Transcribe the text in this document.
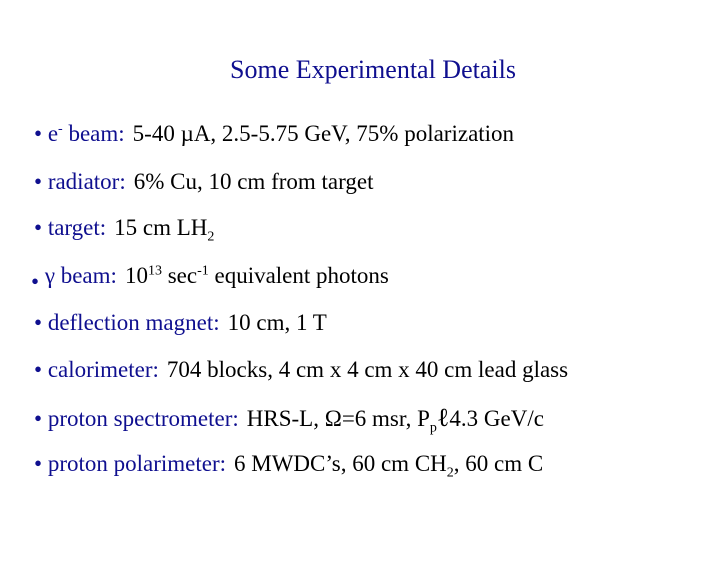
Some Experimental Details
• e- beam: 5-40 µA, 2.5-5.75 GeV, 75% polarization
• radiator: 6% Cu, 10 cm from target
• target: 15 cm $LH_2$
• γ beam: $10^{13}$ $\sec^{-1}$ equivalent photons
• deflection magnet: 10 cm, 1 T
• calorimeter: 704 blocks, 4 cm x 4 cm x 40 cm lead glass
• proton spectrometer: HRS-L, Ω=6 msr, $P_p\ell 4.3$ GeV/c
• proton polarimeter: 6 MWDC’s, 60 cm $CH_2$, 60 cm C
